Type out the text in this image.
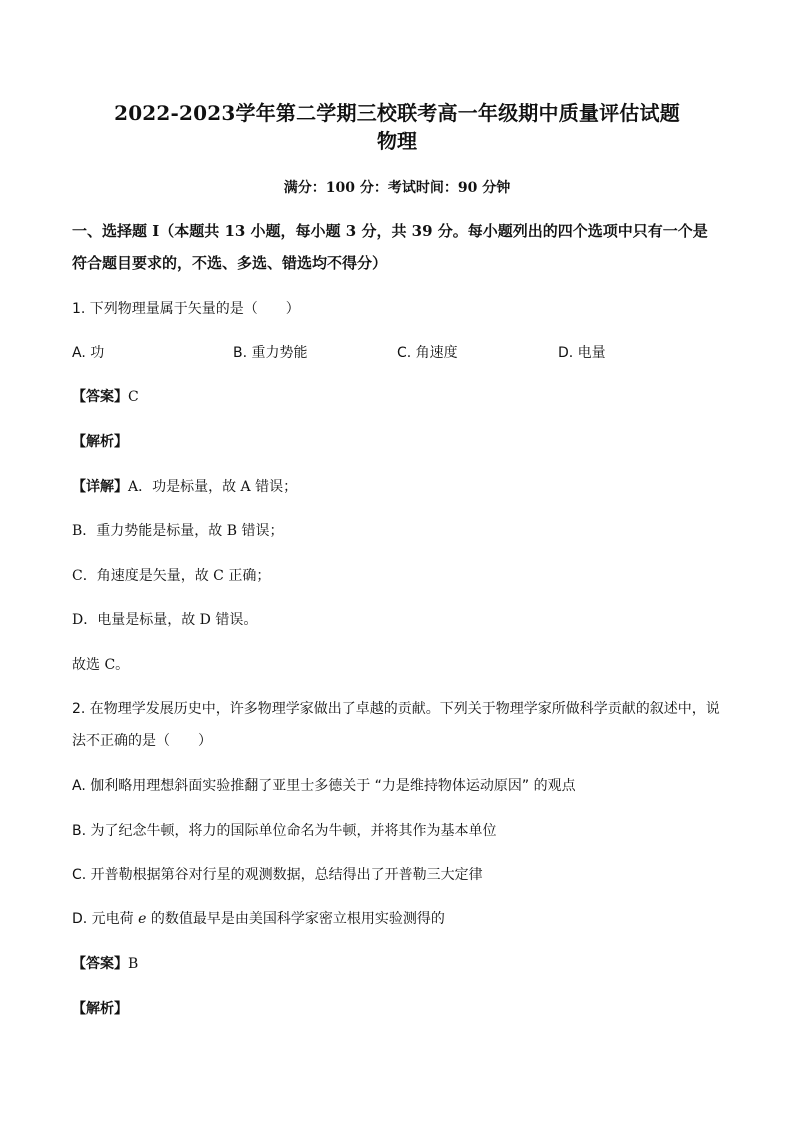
2022-2023学年第二学期三校联考高一年级期中质量评估试题
物理
满分：100 分：考试时间：90 分钟
一、选择题 I（本题共 13 小题，每小题 3 分，共 39 分。每小题列出的四个选项中只有一个是
符合题目要求的，不选、多选、错选均不得分）
1. 下列物理量属于矢量的是（　　）
A. 功	B. 重力势能	C. 角速度	D. 电量
【答案】C
【解析】
【详解】A．功是标量，故 A 错误；
B．重力势能是标量，故 B 错误；
C．角速度是矢量，故 C 正确；
D．电量是标量，故 D 错误。
故选 C。
2. 在物理学发展历史中，许多物理学家做出了卓越的贡献。下列关于物理学家所做科学贡献的叙述中，说
法不正确的是（　　）
A. 伽利略用理想斜面实验推翻了亚里士多德关于 “力是维持物体运动原因” 的观点
B. 为了纪念牛顿，将力的国际单位命名为牛顿，并将其作为基本单位
C. 开普勒根据第谷对行星的观测数据，总结得出了开普勒三大定律
D. 元电荷 e 的数值最早是由美国科学家密立根用实验测得的
【答案】B
【解析】
